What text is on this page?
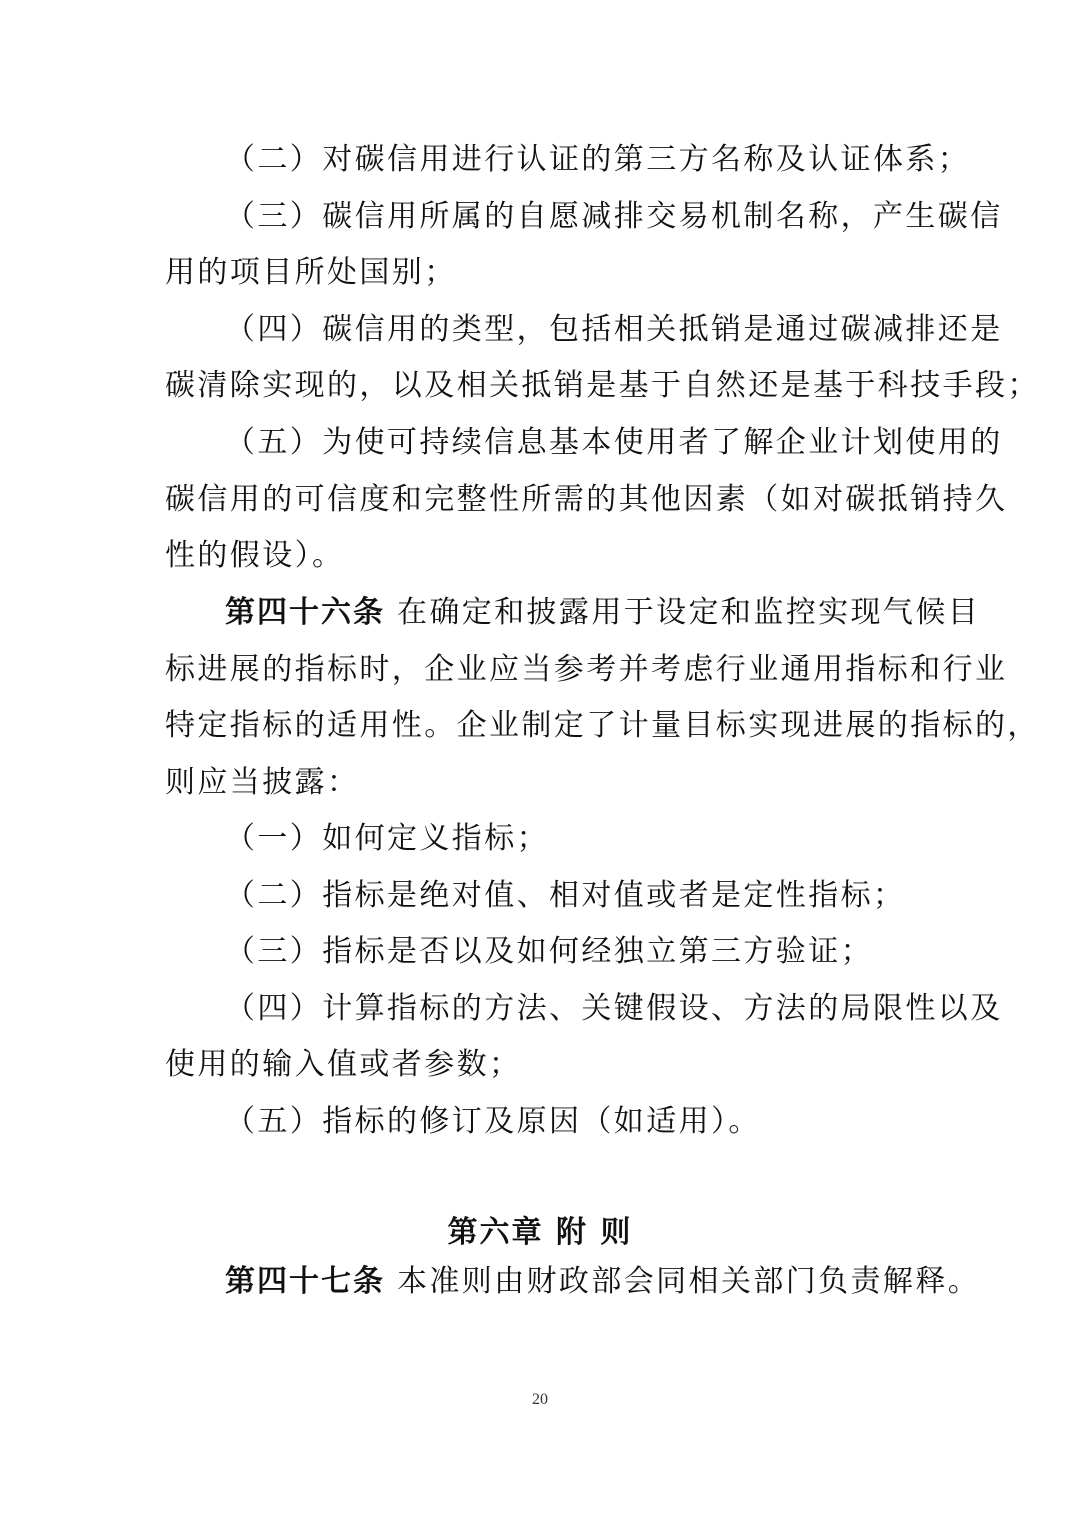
（二）对碳信用进行认证的第三方名称及认证体系；
（三）碳信用所属的自愿减排交易机制名称，产生碳信
用的项目所处国别；
（四）碳信用的类型，包括相关抵销是通过碳减排还是
碳清除实现的，以及相关抵销是基于自然还是基于科技手段；
（五）为使可持续信息基本使用者了解企业计划使用的
碳信用的可信度和完整性所需的其他因素（如对碳抵销持久
性的假设）。
第四十六条 在确定和披露用于设定和监控实现气候目
标进展的指标时，企业应当参考并考虑行业通用指标和行业
特定指标的适用性。企业制定了计量目标实现进展的指标的，
则应当披露：
（一）如何定义指标；
（二）指标是绝对值、相对值或者是定性指标；
（三）指标是否以及如何经独立第三方验证；
（四）计算指标的方法、关键假设、方法的局限性以及
使用的输入值或者参数；
（五）指标的修订及原因（如适用）。
第六章 附 则
第四十七条 本准则由财政部会同相关部门负责解释。
20
